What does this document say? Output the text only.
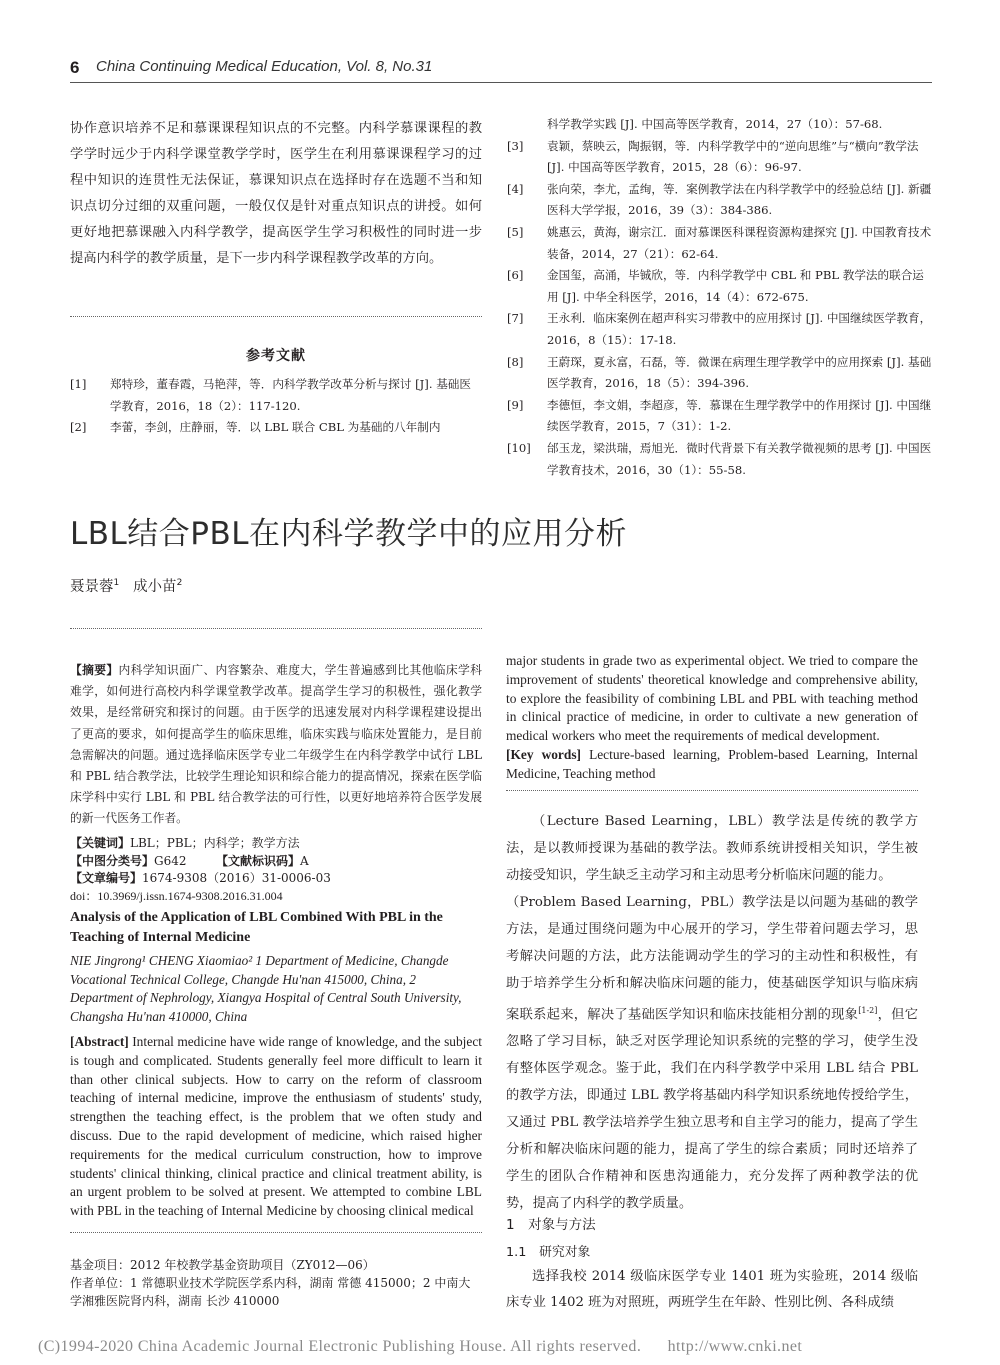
6 China Continuing Medical Education, Vol. 8, No.31

协作意识培养不足和慕课课程知识点的不完整。内科学慕课课程的教学学时远少于内科学课堂教学学时，医学生在利用慕课课程学习的过程中知识的连贯性无法保证，慕课知识点在选择时存在选题不当和知识点切分过细的双重问题，一般仅仅是针对重点知识点的讲授。如何更好地把慕课融入内科学教学，提高医学生学习积极性的同时进一步提高内科学的教学质量，是下一步内科学课程教学改革的方向。

参考文献

[1] 郑特珍，董春霞，马艳萍，等．内科学教学改革分析与探讨 [J]. 基础医学教育，2016，18（2）：117-120.

[2] 李蕾，李剑，庄静丽，等．以 LBL 联合 CBL 为基础的八年制内

科学教学实践 [J]. 中国高等医学教育，2014，27（10）：57-68.

[3] 袁颖，蔡映云，陶振钢，等．内科学教学中的“逆向思维”与“横向”教学法 [J]. 中国高等医学教育，2015，28（6）：96-97.

[4] 张向荣，李尤，孟绚，等．案例教学法在内科学教学中的经验总结 [J]. 新疆医科大学学报，2016，39（3）：384-386.

[5] 姚惠云，黄海，谢宗江．面对慕课医科课程资源构建探究 [J]. 中国教育技术装备，2014，27（21）：62-64.

[6] 金国玺，高涌，毕铖欣，等．内科学教学中 CBL 和 PBL 教学法的联合运用 [J]. 中华全科医学，2016，14（4）：672-675.

[7] 王永利．临床案例在超声科实习带教中的应用探讨 [J]. 中国继续医学教育，2016，8（15）：17-18.

[8] 王蔚琛，夏永富，石磊，等．微课在病理生理学教学中的应用探索 [J]. 基础医学教育，2016，18（5）：394-396.

[9] 李德恒，李文娟，李超彦，等．慕课在生理学教学中的作用探讨 [J]. 中国继续医学教育，2015，7（31）：1-2.

[10] 邰玉龙，梁洪瑞，焉旭光．微时代背景下有关教学微视频的思考 [J]. 中国医学教育技术，2016，30（1）：55-58.

LBL结合PBL在内科学教学中的应用分析
聂景蓉$^1$ 成小苗$^2$
【摘要】内科学知识面广、内容繁杂、难度大，学生普遍感到比其他临床学科难学，如何进行高校内科学课堂教学改革。提高学生学习的积极性，强化教学效果，是经常研究和探讨的问题。由于医学的迅速发展对内科学课程建设提出了更高的要求，如何提高学生的临床思维，临床实践与临床处置能力，是目前急需解决的问题。通过选择临床医学专业二年级学生在内科学教学中试行 LBL 和 PBL 结合教学法，比较学生理论知识和综合能力的提高情况，探索在医学临床学科中实行 LBL 和 PBL 结合教学法的可行性，以更好地培养符合医学发展的新一代医务工作者。
【关键词】LBL；PBL；内科学；教学方法
【中图分类号】G642 【文献标识码】A
【文章编号】1674-9308（2016）31-0006-03
doi：10.3969/j.issn.1674-9308.2016.31.004
Analysis of the Application of LBL Combined With PBL in the Teaching of Internal Medicine
NIE Jingrong¹ CHENG Xiaomiao² 1 Department of Medicine, Changde Vocational Technical College, Changde Hu'nan 415000, China, 2 Department of Nephrology, Xiangya Hospital of Central South University, Changsha Hu'nan 410000, China

[Abstract] Internal medicine have wide range of knowledge, and the subject is tough and complicated. Students generally feel more difficult to learn it than other clinical subjects. How to carry on the reform of classroom teaching of internal medicine, improve the enthusiasm of students' study, strengthen the teaching effect, is the problem that we often study and discuss. Due to the rapid development of medicine, which raised higher requirements for the medical curriculum construction, how to improve students' clinical thinking, clinical practice and clinical treatment ability, is an urgent problem to be solved at present. We attempted to combine LBL with PBL in the teaching of Internal Medicine by choosing clinical medical

基金项目：2012 年校教学基金资助项目（ZY012—06）
作者单位：1 常德职业技术学院医学系内科，湖南 常德 415000；2 中南大学湘雅医院肾内科，湖南 长沙 410000

major students in grade two as experimental object. We tried to compare the improvement of students' theoretical knowledge and comprehensive ability, to explore the feasibility of combining LBL and PBL with teaching method in clinical practice of medicine, in order to cultivate a new generation of medical workers who meet the requirements of medical development.

[Key words] Lecture-based learning, Problem-based Learning, Internal Medicine, Teaching method

（Lecture Based Learning，LBL）教学法是传统的教学方法，是以教师授课为基础的教学法。教师系统讲授相关知识，学生被动接受知识，学生缺乏主动学习和主动思考分析临床问题的能力。

（Problem Based Learning，PBL）教学法是以问题为基础的教学方法，是通过围绕问题为中心展开的学习，学生带着问题去学习，思考解决问题的方法，此方法能调动学生的学习的主动性和积极性，有助于培养学生分析和解决临床问题的能力，使基础医学知识与临床病案联系起来，解决了基础医学知识和临床技能相分割的现象[1-2]，但它忽略了学习目标，缺乏对医学理论知识系统的完整的学习，使学生没有整体医学观念。鉴于此，我们在内科学教学中采用 LBL 结合 PBL 的教学方法，即通过 LBL 教学将基础内科学知识系统地传授给学生，又通过 PBL 教学法培养学生独立思考和自主学习的能力，提高了学生分析和解决临床问题的能力，提高了学生的综合素质；同时还培养了学生的团队合作精神和医患沟通能力，充分发挥了两种教学法的优势，提高了内科学的教学质量。

1　对象与方法
1.1　研究对象

选择我校 2014 级临床医学专业 1401 班为实验班，2014 级临床专业 1402 班为对照班，两班学生在年龄、性别比例、各科成绩

(C)1994-2020 China Academic Journal Electronic Publishing House. All rights reserved. http://www.cnki.net
